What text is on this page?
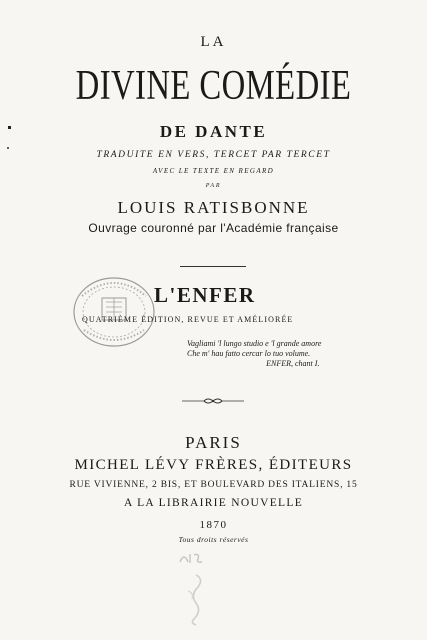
LA
DIVINE COMÉDIE
DE DANTE
TRADUITE EN VERS, TERCET PAR TERCET
AVEC LE TEXTE EN REGARD
PAR
LOUIS RATISBONNE
Ouvrage couronné par l'Académie française
L'ENFER
QUATRIÈME ÉDITION, REVUE ET AMÉLIORÉE
Vagliami 'l lungo studio e 'l grande amore
Che m' hau fatto cercar lo tuo volume.
ENFER, chant I.
PARIS
MICHEL LÉVY FRÈRES, ÉDITEURS
RUE VIVIENNE, 2 BIS, ET BOULEVARD DES ITALIENS, 15
A LA LIBRAIRIE NOUVELLE
1870
Tous droits réservés
